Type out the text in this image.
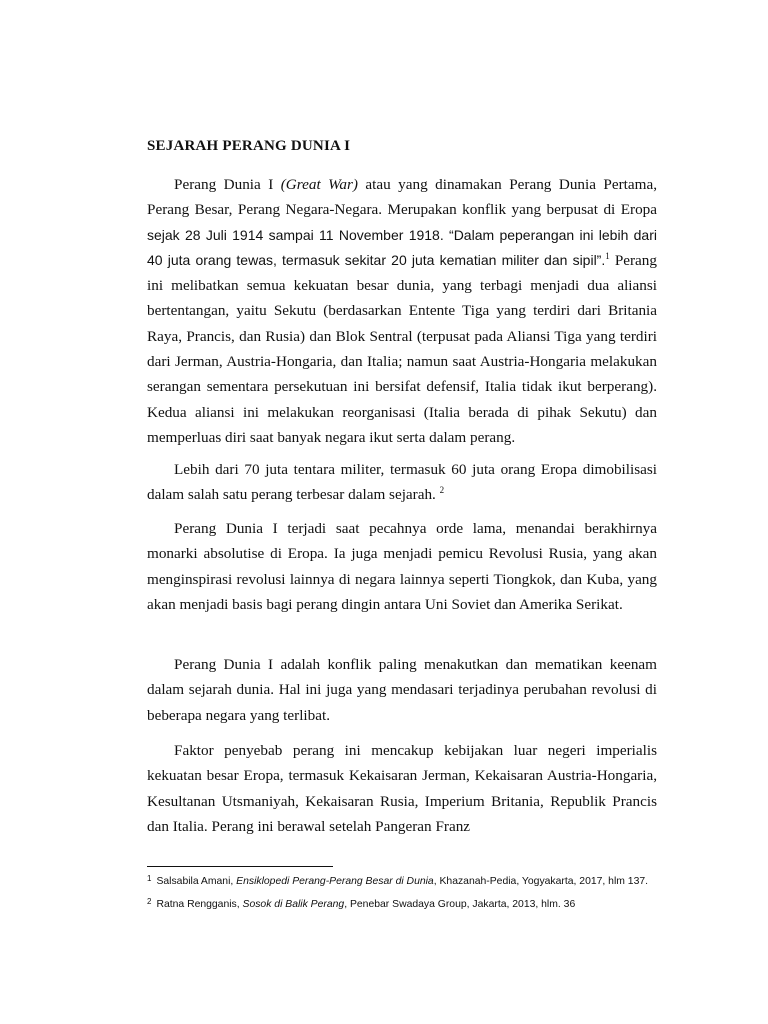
SEJARAH PERANG DUNIA I

Perang Dunia I (Great War) atau yang dinamakan Perang Dunia Pertama, Perang Besar, Perang Negara-Negara. Merupakan konflik yang berpusat di Eropa sejak 28 Juli 1914 sampai 11 November 1918. “Dalam peperangan ini lebih dari 40 juta orang tewas, termasuk sekitar 20 juta kematian militer dan sipil”.$^1$ Perang ini melibatkan semua kekuatan besar dunia, yang terbagi menjadi dua aliansi bertentangan, yaitu Sekutu (berdasarkan Entente Tiga yang terdiri dari Britania Raya, Prancis, dan Rusia) dan Blok Sentral (terpusat pada Aliansi Tiga yang terdiri dari Jerman, Austria-Hongaria, dan Italia; namun saat Austria-Hongaria melakukan serangan sementara persekutuan ini bersifat defensif, Italia tidak ikut berperang). Kedua aliansi ini melakukan reorganisasi (Italia berada di pihak Sekutu) dan memperluas diri saat banyak negara ikut serta dalam perang.

Lebih dari 70 juta tentara militer, termasuk 60 juta orang Eropa dimobilisasi dalam salah satu perang terbesar dalam sejarah. $^2$

Perang Dunia I terjadi saat pecahnya orde lama, menandai berakhirnya monarki absolutise di Eropa. Ia juga menjadi pemicu Revolusi Rusia, yang akan menginspirasi revolusi lainnya di negara lainnya seperti Tiongkok, dan Kuba, yang akan menjadi basis bagi perang dingin antara Uni Soviet dan Amerika Serikat.

Perang Dunia I adalah konflik paling menakutkan dan mematikan keenam dalam sejarah dunia. Hal ini juga yang mendasari terjadinya perubahan revolusi di beberapa negara yang terlibat.

Faktor penyebab perang ini mencakup kebijakan luar negeri imperialis kekuatan besar Eropa, termasuk Kekaisaran Jerman, Kekaisaran Austria-Hongaria, Kesultanan Utsmaniyah, Kekaisaran Rusia, Imperium Britania, Republik Prancis dan Italia. Perang ini berawal setelah Pangeran Franz

$^1$ Salsabila Amani, Ensiklopedi Perang-Perang Besar di Dunia, Khazanah-Pedia, Yogyakarta, 2017, hlm 137.
$^2$ Ratna Rengganis, Sosok di Balik Perang, Penebar Swadaya Group, Jakarta, 2013, hlm. 36
